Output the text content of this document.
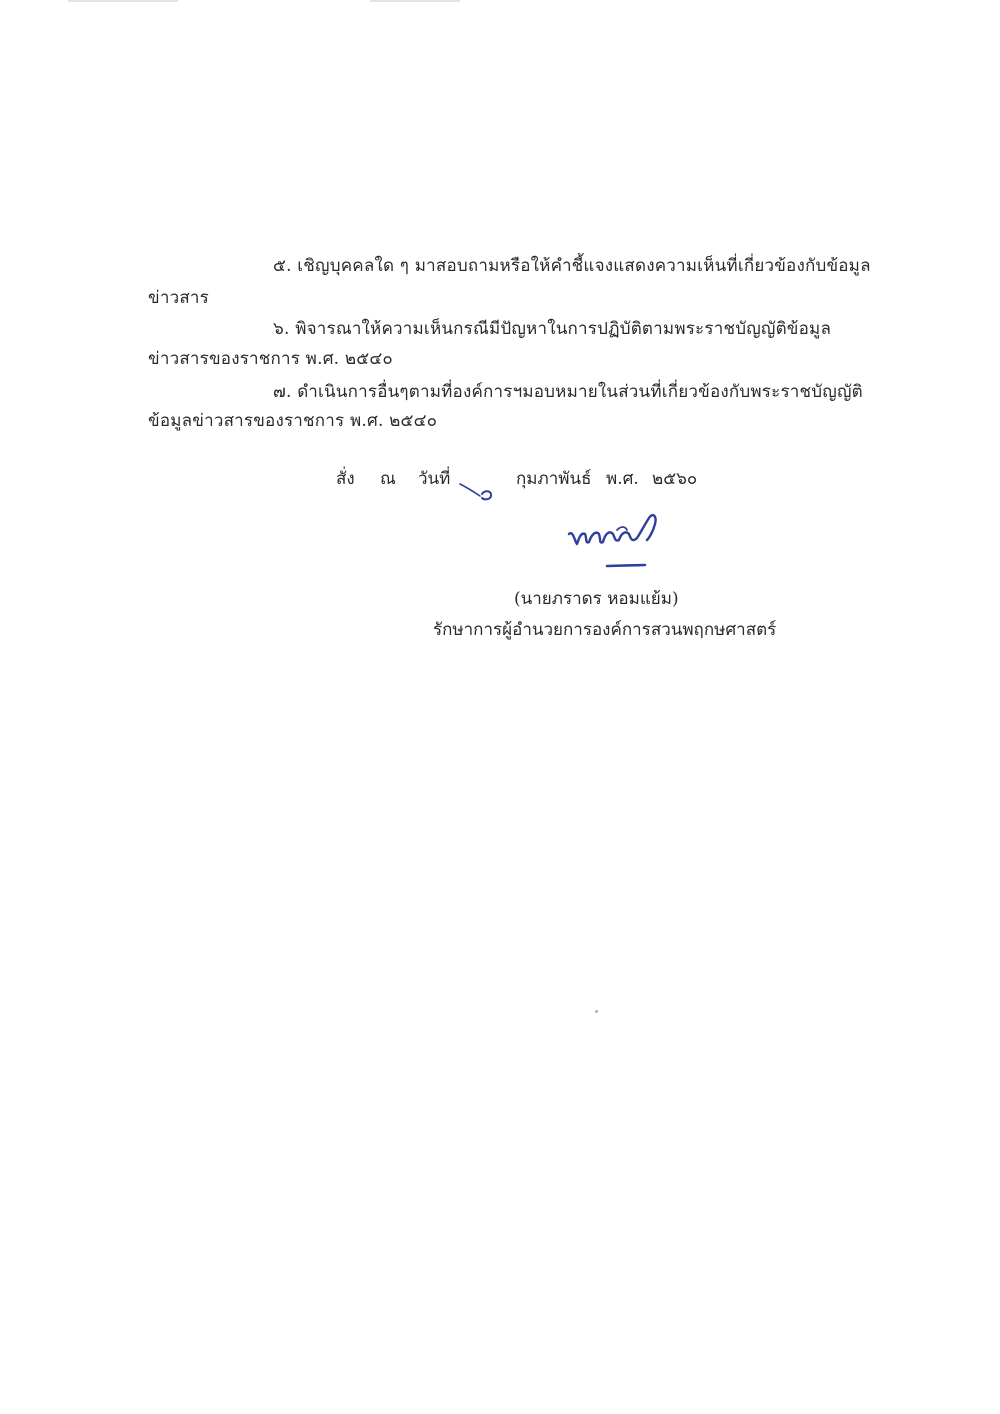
๕. เชิญบุคคลใด ๆ มาสอบถามหรือให้คำชี้แจงแสดงความเห็นที่เกี่ยวข้องกับข้อมูล
ข่าวสาร
๖. พิจารณาให้ความเห็นกรณีมีปัญหาในการปฏิบัติตามพระราชบัญญัติข้อมูล
ข่าวสารของราชการ พ.ศ. ๒๕๔๐
๗. ดำเนินการอื่นๆตามที่องค์การฯมอบหมายในส่วนที่เกี่ยวข้องกับพระราชบัญญัติ
ข้อมูลข่าวสารของราชการ พ.ศ. ๒๕๔๐
สั่ง ณ วันที่	กุมภาพันธ์ พ.ศ. ๒๕๖๐
(นายภราดร หอมแย้ม)
รักษาการผู้อำนวยการองค์การสวนพฤกษศาสตร์
